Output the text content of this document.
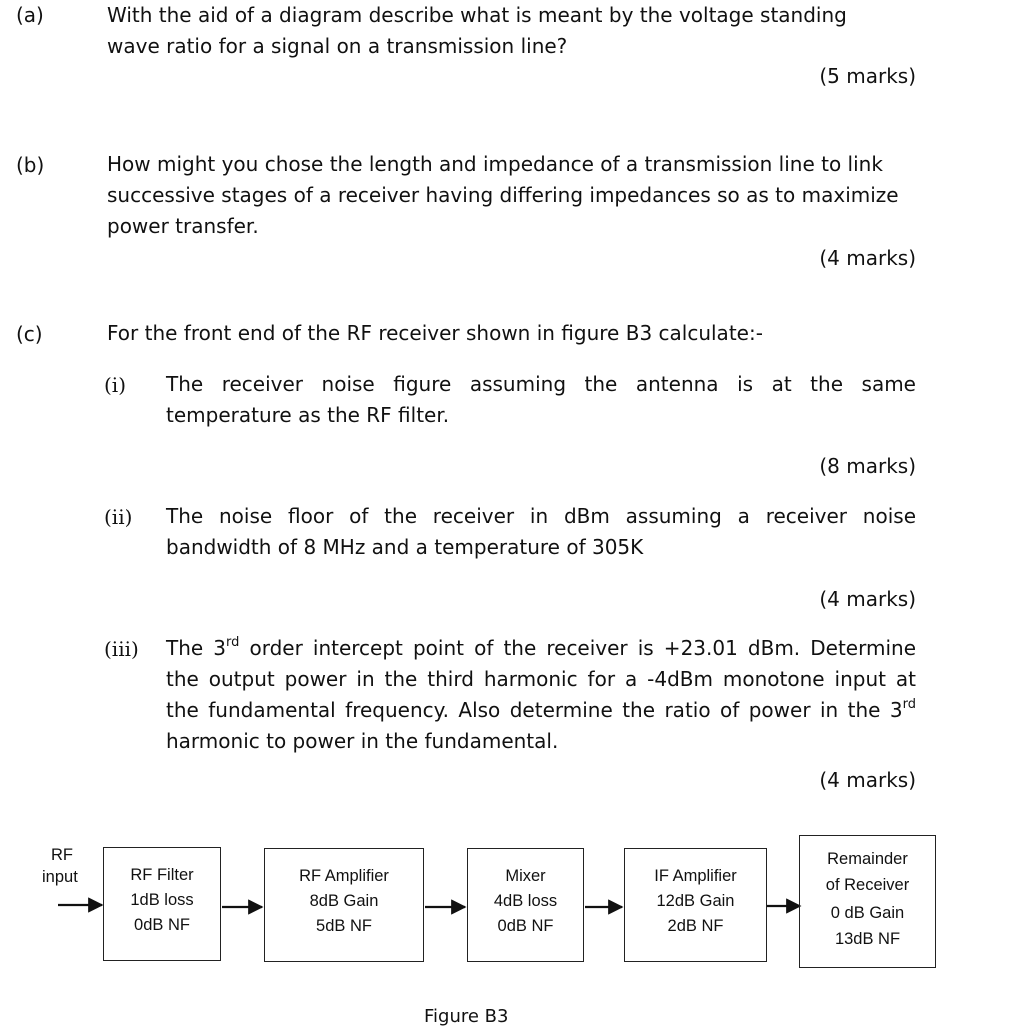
(a)	With the aid of a diagram describe what is meant by the voltage standing
wave ratio for a signal on a transmission line?
(5 marks)
(b)	How might you chose the length and impedance of a transmission line to link
successive stages of a receiver having differing impedances so as to maximize
power transfer.
(4 marks)
(c)	For the front end of the RF receiver shown in figure B3 calculate:-
(i) The receiver noise figure assuming the antenna is at the same
temperature as the RF filter.
(8 marks)
(ii) The noise floor of the receiver in dBm assuming a receiver noise
bandwidth of 8 MHz and a temperature of 305K
(4 marks)
(iii) The 3rd order intercept point of the receiver is +23.01 dBm. Determine
the output power in the third harmonic for a -4dBm monotone input at
the fundamental frequency. Also determine the ratio of power in the 3rd
harmonic to power in the fundamental.
(4 marks)
RF
input	RF Filter
1dB loss
0dB NF
RF Amplifier
8dB Gain
5dB NF
Mixer
4dB loss
0dB NF
IF Amplifier
12dB Gain
2dB NF
Remainder
of Receiver
0 dB Gain
13dB NF
Figure B3
